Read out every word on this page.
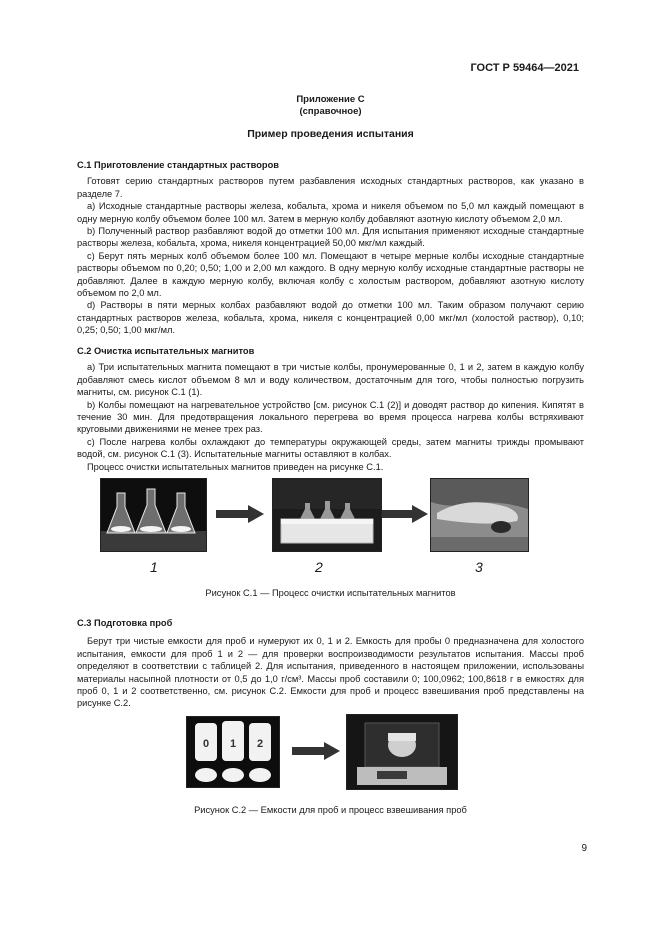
ГОСТ Р 59464—2021
Приложение С
(справочное)
Пример проведения испытания
С.1 Приготовление стандартных растворов

Готовят серию стандартных растворов путем разбавления исходных стандартных растворов, как указано в разделе 7.

a) Исходные стандартные растворы железа, кобальта, хрома и никеля объемом по 5,0 мл каждый помещают в одну мерную колбу объемом более 100 мл. Затем в мерную колбу добавляют азотную кислоту объемом 2,0 мл.

b) Полученный раствор разбавляют водой до отметки 100 мл. Для испытания применяют исходные стандартные растворы железа, кобальта, хрома, никеля концентрацией 50,00 мкг/мл каждый.

c) Берут пять мерных колб объемом более 100 мл. Помещают в четыре мерные колбы исходные стандартные растворы объемом по 0,20; 0,50; 1,00 и 2,00 мл каждого. В одну мерную колбу исходные стандартные растворы не добавляют. Далее в каждую мерную колбу, включая колбу с холостым раствором, добавляют азотную кислоту объемом по 2,0 мл.

d) Растворы в пяти мерных колбах разбавляют водой до отметки 100 мл. Таким образом получают серию стандартных растворов железа, кобальта, хрома, никеля с концентрацией 0,00 мкг/мл (холостой раствор), 0,10; 0,25; 0,50; 1,00 мкг/мл.

С.2 Очистка испытательных магнитов

a) Три испытательных магнита помещают в три чистые колбы, пронумерованные 0, 1 и 2, затем в каждую колбу добавляют смесь кислот объемом 8 мл и воду количеством, достаточным для того, чтобы полностью погрузить магниты, см. рисунок С.1 (1).

b) Колбы помещают на нагревательное устройство [см. рисунок С.1 (2)] и доводят раствор до кипения. Кипятят в течение 30 мин. Для предотвращения локального перегрева во время процесса нагрева колбы встряхивают круговыми движениями не менее трех раз.

c) После нагрева колбы охлаждают до температуры окружающей среды, затем магниты трижды промывают водой, см. рисунок С.1 (3). Испытательные магниты оставляют в колбах.

Процесс очистки испытательных магнитов приведен на рисунке С.1.

1	2	3
Рисунок С.1 — Процесс очистки испытательных магнитов
С.3 Подготовка проб

Берут три чистые емкости для проб и нумеруют их 0, 1 и 2. Емкость для пробы 0 предназначена для холостого испытания, емкости для проб 1 и 2 — для проверки воспроизводимости результатов испытания. Массы проб определяют в соответствии с таблицей 2. Для испытания, приведенного в настоящем приложении, использованы материалы насыпной плотности от 0,5 до 1,0 г/см³. Массы проб составили 0; 100,0962; 100,8618 г в емкостях для проб 0, 1 и 2 соответственно, см. рисунок С.2. Емкости для проб и процесс взвешивания проб представлены на рисунке С.2.

0 1 2
Рисунок С.2 — Емкости для проб и процесс взвешивания проб
9
